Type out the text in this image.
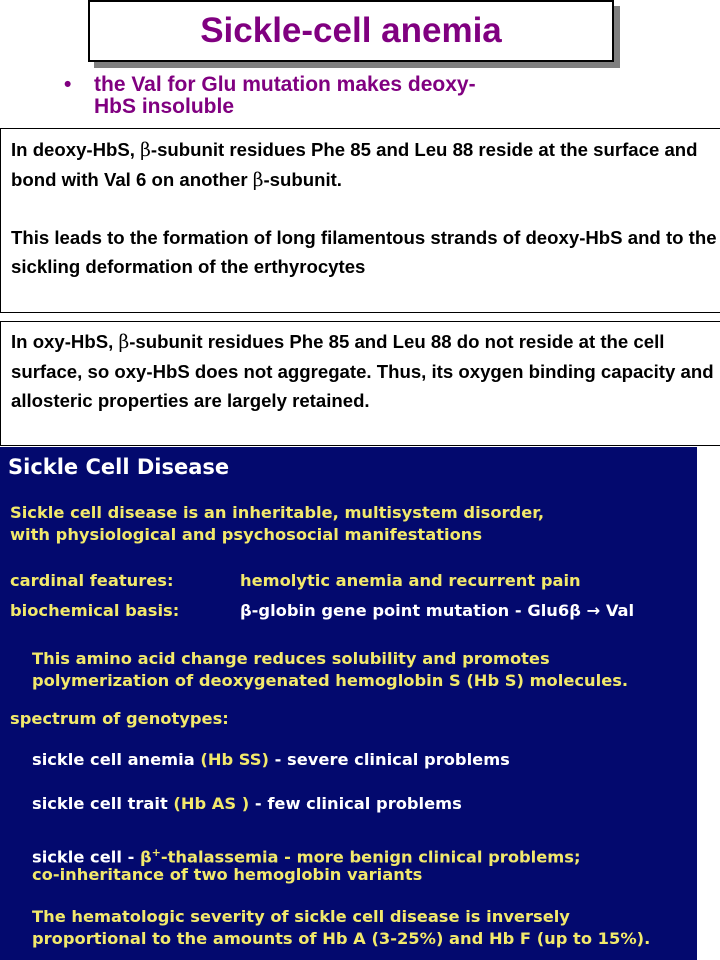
Sickle-cell anemia
•	the Val for Glu mutation makes deoxy-
HbS insoluble

In deoxy-HbS, β-subunit residues Phe 85 and Leu 88 reside at the surface and bond with Val 6 on another β-subunit.

This leads to the formation of long filamentous strands of deoxy-HbS and to the sickling deformation of the erthyrocytes

In oxy-HbS, β-subunit residues Phe 85 and Leu 88 do not reside at the cell surface, so oxy-HbS does not aggregate. Thus, its oxygen binding capacity and allosteric properties are largely retained.

Sickle Cell Disease
Sickle cell disease is an inheritable, multisystem disorder,
with physiological and psychosocial manifestations
cardinal features:	hemolytic anemia and recurrent pain
biochemical basis:	β-globin gene point mutation - Glu6β → Val
This amino acid change reduces solubility and promotes
polymerization of deoxygenated hemoglobin S (Hb S) molecules.
spectrum of genotypes:
sickle cell anemia (Hb SS) - severe clinical problems
sickle cell trait (Hb AS ) - few clinical problems
sickle cell - β+-thalassemia - more benign clinical problems;
co-inheritance of two hemoglobin variants
The hematologic severity of sickle cell disease is inversely
proportional to the amounts of Hb A (3-25%) and Hb F (up to 15%).
